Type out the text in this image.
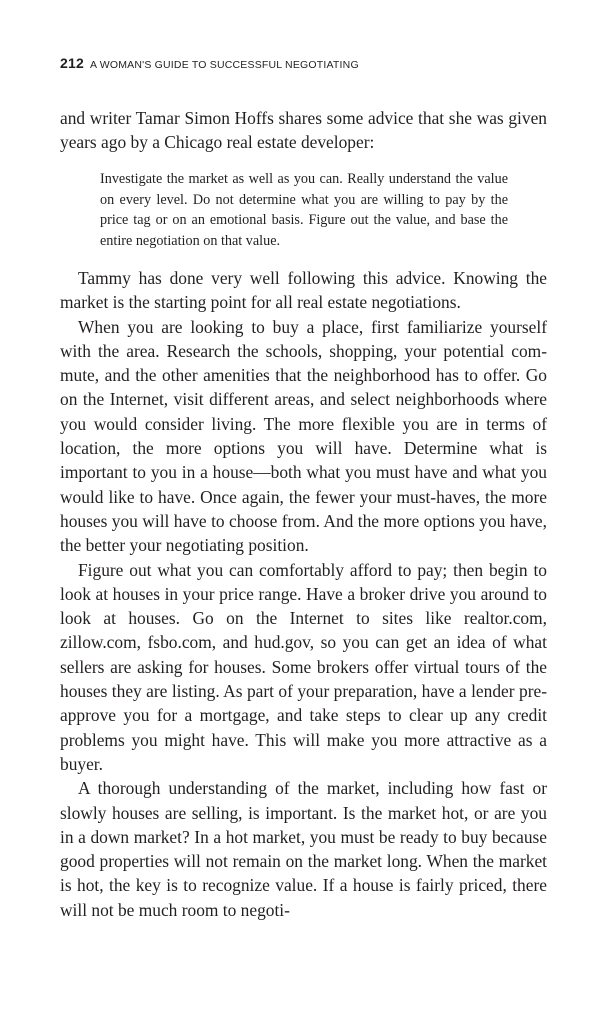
212 A WOMAN'S GUIDE TO SUCCESSFUL NEGOTIATING

and writer Tamar Simon Hoffs shares some advice that she was given years ago by a Chicago real estate developer:

Investigate the market as well as you can. Really understand the value on every level. Do not determine what you are willing to pay by the price tag or on an emotional basis. Figure out the value, and base the entire negotiation on that value.

Tammy has done very well following this advice. Knowing the market is the starting point for all real estate negotiations.

When you are looking to buy a place, first familiarize yourself with the area. Research the schools, shopping, your potential commute, and the other amenities that the neighborhood has to offer. Go on the Internet, visit different areas, and select neighborhoods where you would consider living. The more flexible you are in terms of location, the more options you will have. Determine what is important to you in a house—both what you must have and what you would like to have. Once again, the fewer your must-haves, the more houses you will have to choose from. And the more options you have, the better your negotiating position.

Figure out what you can comfortably afford to pay; then begin to look at houses in your price range. Have a broker drive you around to look at houses. Go on the Internet to sites like realtor.​com, zillow.com, fsbo.com, and hud.gov, so you can get an idea of what sellers are asking for houses. Some brokers offer virtual tours of the houses they are listing. As part of your preparation, have a lender pre-approve you for a mortgage, and take steps to clear up any credit problems you might have. This will make you more attractive as a buyer.

A thorough understanding of the market, including how fast or slowly houses are selling, is important. Is the market hot, or are you in a down market? In a hot market, you must be ready to buy because good properties will not remain on the market long. When the market is hot, the key is to recognize value. If a house is fairly priced, there will not be much room to negoti-
